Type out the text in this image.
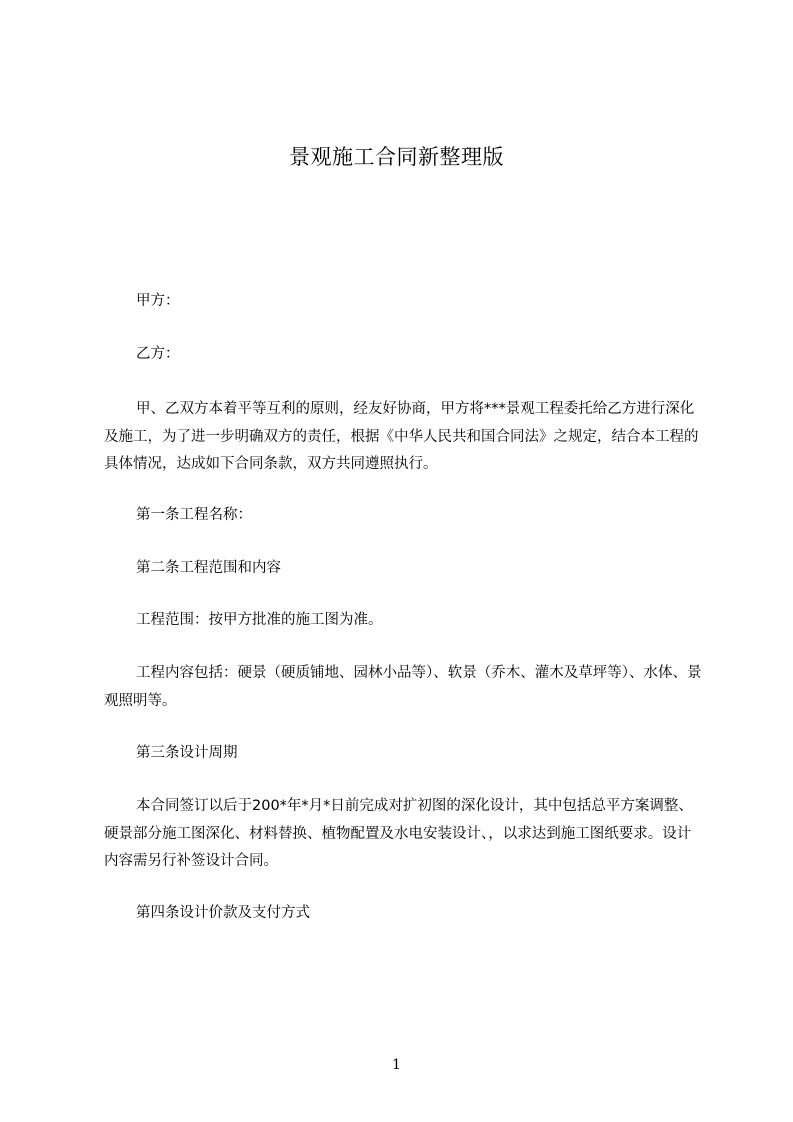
景观施工合同新整理版

甲方：

乙方：

甲、乙双方本着平等互利的原则，经友好协商，甲方将***景观工程委托给乙方进行深化及施工，为了进一步明确双方的责任，根据《中华人民共和国合同法》之规定，结合本工程的具体情况，达成如下合同条款，双方共同遵照执行。

第一条工程名称：

第二条工程范围和内容

工程范围：按甲方批准的施工图为准。

工程内容包括：硬景（硬质铺地、园林小品等）、软景（乔木、灌木及草坪等）、水体、景观照明等。

第三条设计周期

本合同签订以后于200*年*月*日前完成对扩初图的深化设计，其中包括总平方案调整、硬景部分施工图深化、材料替换、植物配置及水电安装设计、，以求达到施工图纸要求。设计内容需另行补签设计合同。

第四条设计价款及支付方式

1
